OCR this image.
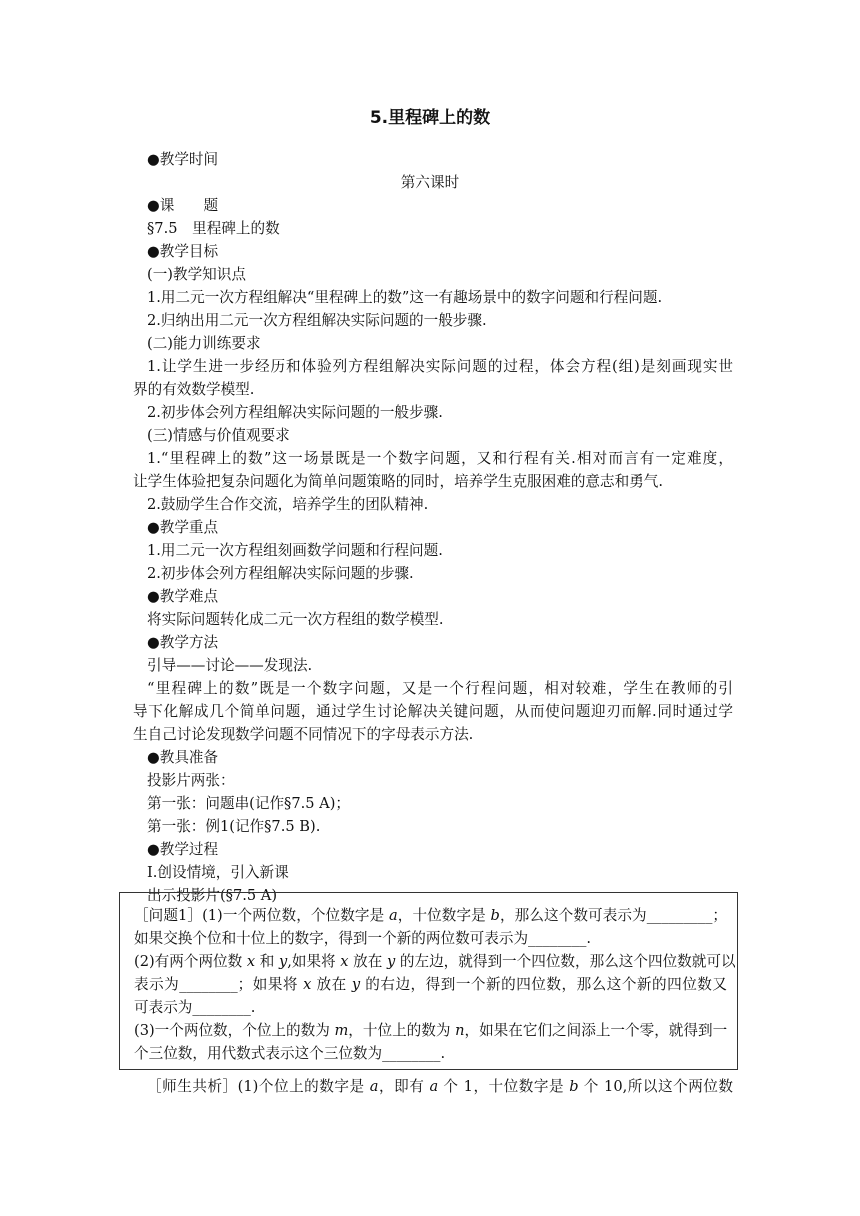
5.里程碑上的数
●教学时间
第六课时
●课　　题
§7.5　里程碑上的数
●教学目标
(一)教学知识点
1.用二元一次方程组解决“里程碑上的数”这一有趣场景中的数字问题和行程问题.
2.归纳出用二元一次方程组解决实际问题的一般步骤.
(二)能力训练要求
1.让学生进一步经历和体验列方程组解决实际问题的过程，体会方程(组)是刻画现实世
界的有效数学模型.
2.初步体会列方程组解决实际问题的一般步骤.
(三)情感与价值观要求
1.“里程碑上的数”这一场景既是一个数字问题，又和行程有关.相对而言有一定难度，
让学生体验把复杂问题化为简单问题策略的同时，培养学生克服困难的意志和勇气.
2.鼓励学生合作交流，培养学生的团队精神.
●教学重点
1.用二元一次方程组刻画数学问题和行程问题.
2.初步体会列方程组解决实际问题的步骤.
●教学难点
将实际问题转化成二元一次方程组的数学模型.
●教学方法
引导——讨论——发现法.
“里程碑上的数”既是一个数字问题，又是一个行程问题，相对较难，学生在教师的引
导下化解成几个简单问题，通过学生讨论解决关键问题，从而使问题迎刃而解.同时通过学
生自己讨论发现数学问题不同情况下的字母表示方法.
●教具准备
投影片两张：
第一张：问题串(记作§7.5 A)；
第一张：例1(记作§7.5 B).
●教学过程
Ⅰ.创设情境，引入新课
出示投影片(§7.5 A)
［问题1］(1)一个两位数，个位数字是 a，十位数字是 b，那么这个数可表示为_________；
如果交换个位和十位上的数字，得到一个新的两位数可表示为________.
(2)有两个两位数 x 和 y,如果将 x 放在 y 的左边，就得到一个四位数，那么这个四位数就可以
表示为________；如果将 x 放在 y 的右边，得到一个新的四位数，那么这个新的四位数又
可表示为________.
(3)一个两位数，个位上的数为 m，十位上的数为 n，如果在它们之间添上一个零，就得到一
个三位数，用代数式表示这个三位数为________.
［师生共析］(1)个位上的数字是 a，即有 a 个 1，十位数字是 b 个 10,所以这个两位数
